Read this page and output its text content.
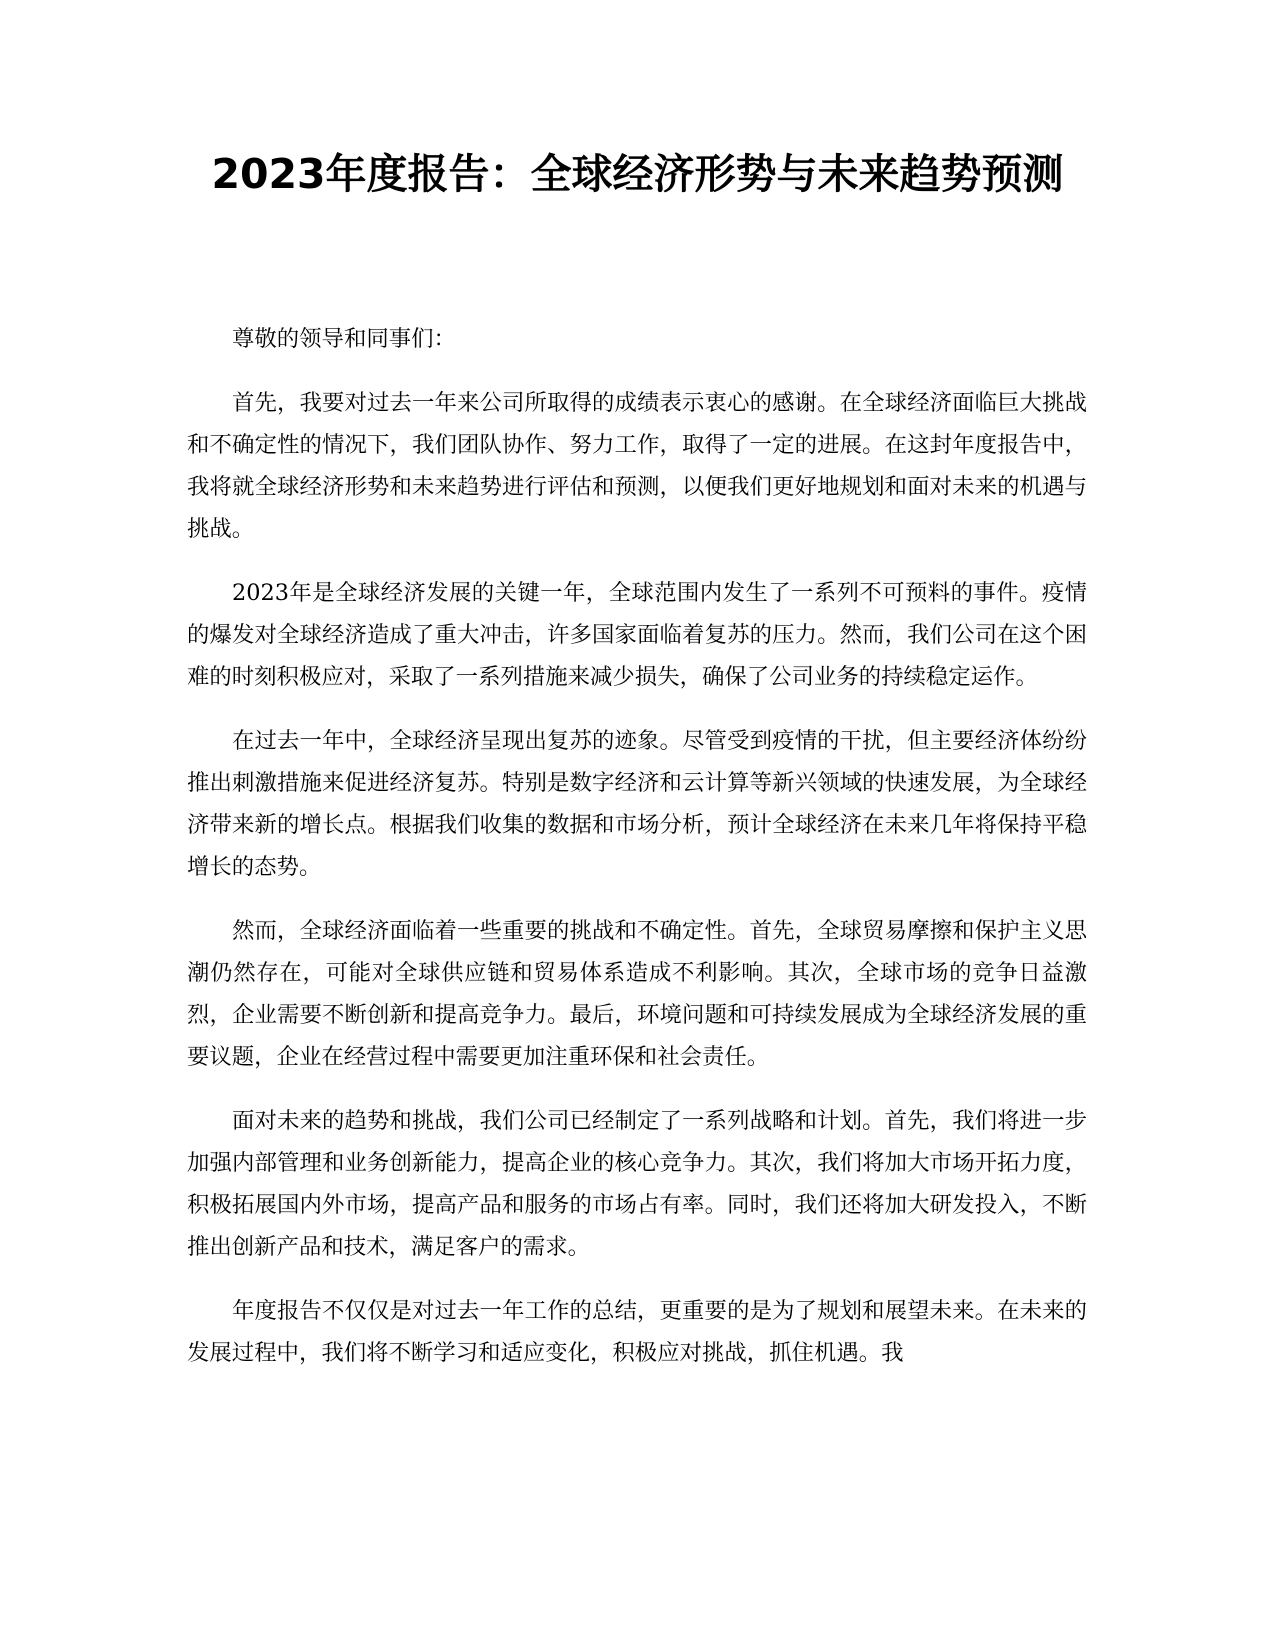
2023年度报告：全球经济形势与未来趋势预测

尊敬的领导和同事们：

首先，我要对过去一年来公司所取得的成绩表示衷心的感谢。在全球经济面临巨大挑战和不确定性的情况下，我们团队协作、努力工作，取得了一定的进展。在这封年度报告中，我将就全球经济形势和未来趋势进行评估和预测，以便我们更好地规划和面对未来的机遇与挑战。

2023年是全球经济发展的关键一年，全球范围内发生了一系列不可预料的事件。疫情的爆发对全球经济造成了重大冲击，许多国家面临着复苏的压力。然而，我们公司在这个困难的时刻积极应对，采取了一系列措施来减少损失，确保了公司业务的持续稳定运作。

在过去一年中，全球经济呈现出复苏的迹象。尽管受到疫情的干扰，但主要经济体纷纷推出刺激措施来促进经济复苏。特别是数字经济和云计算等新兴领域的快速发展，为全球经济带来新的增长点。根据我们收集的数据和市场分析，预计全球经济在未来几年将保持平稳增长的态势。

然而，全球经济面临着一些重要的挑战和不确定性。首先，全球贸易摩擦和保护主义思潮仍然存在，可能对全球供应链和贸易体系造成不利影响。其次，全球市场的竞争日益激烈，企业需要不断创新和提高竞争力。最后，环境问题和可持续发展成为全球经济发展的重要议题，企业在经营过程中需要更加注重环保和社会责任。

面对未来的趋势和挑战，我们公司已经制定了一系列战略和计划。首先，我们将进一步加强内部管理和业务创新能力，提高企业的核心竞争力。其次，我们将加大市场开拓力度，积极拓展国内外市场，提高产品和服务的市场占有率。同时，我们还将加大研发投入，不断推出创新产品和技术，满足客户的需求。

年度报告不仅仅是对过去一年工作的总结，更重要的是为了规划和展望未来。在未来的发展过程中，我们将不断学习和适应变化，积极应对挑战，抓住机遇。我
